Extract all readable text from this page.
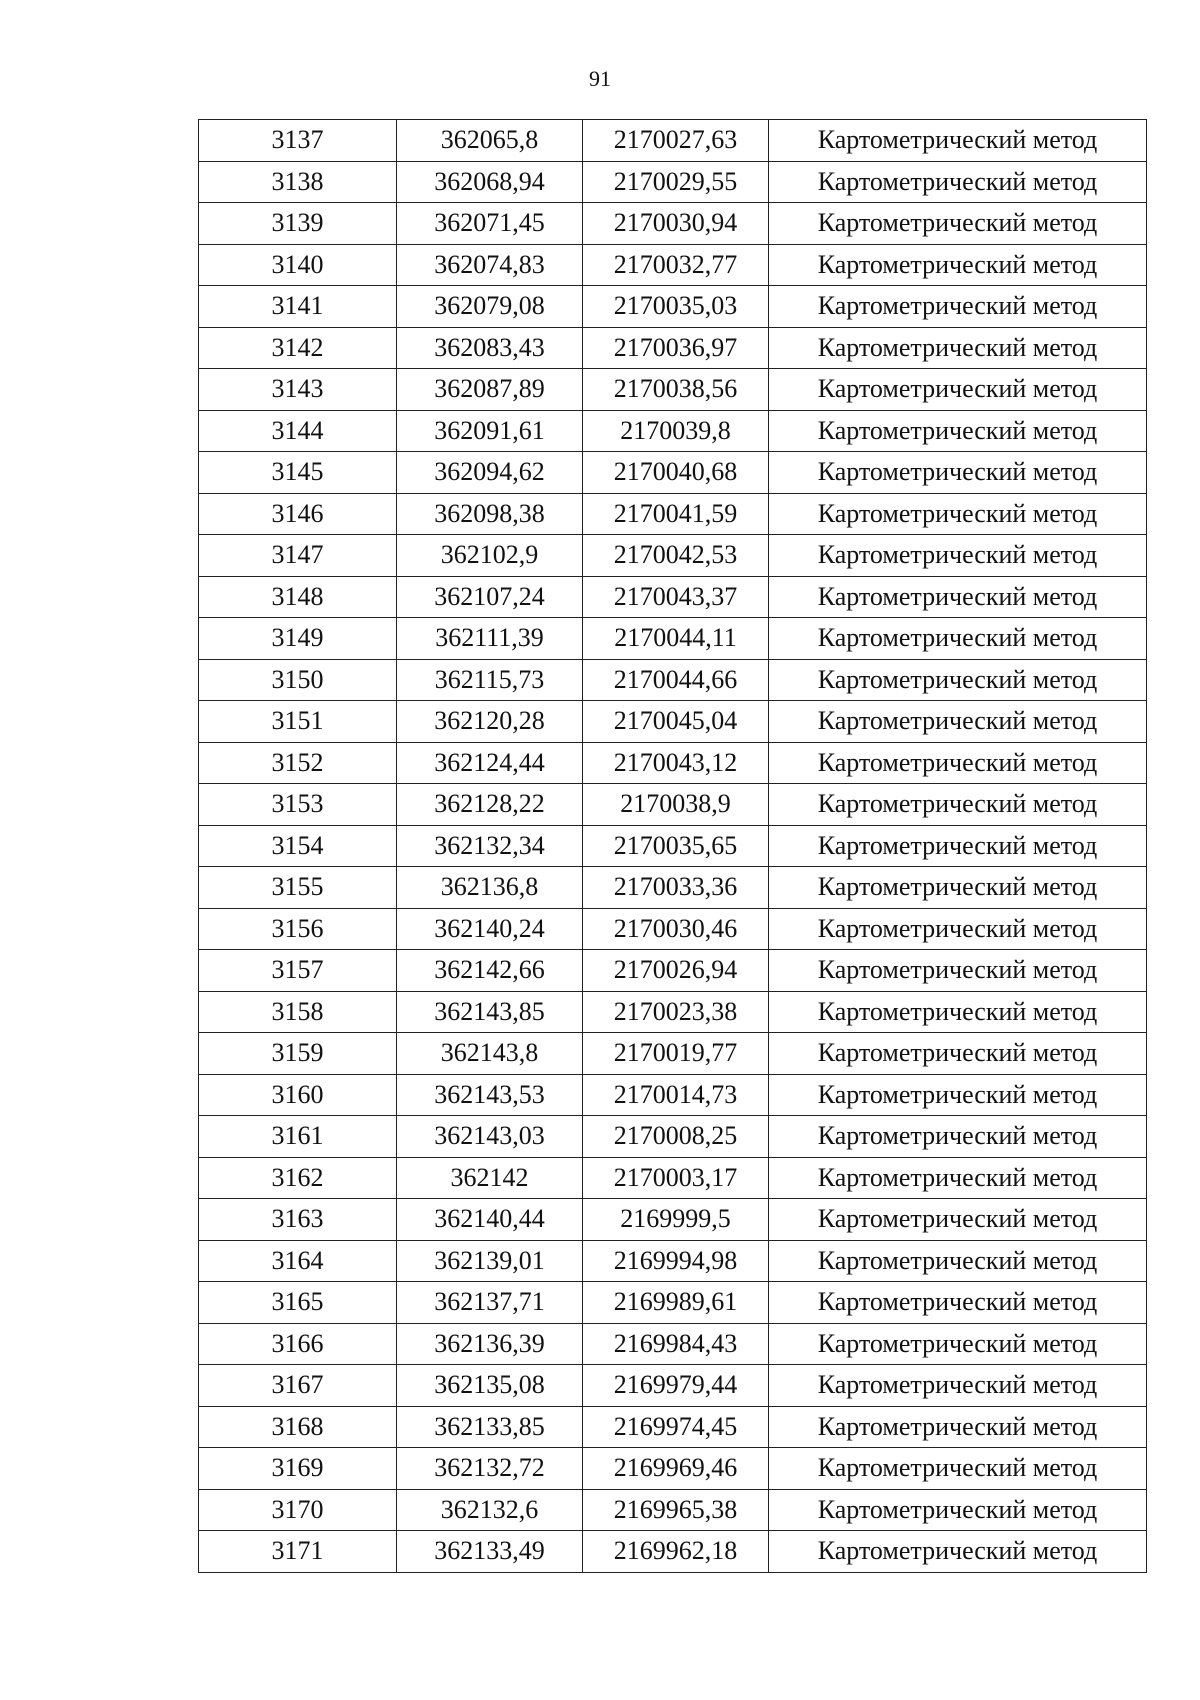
91
3137	362065,8	2170027,63	Картометрический метод
3138	362068,94	2170029,55	Картометрический метод
3139	362071,45	2170030,94	Картометрический метод
3140	362074,83	2170032,77	Картометрический метод
3141	362079,08	2170035,03	Картометрический метод
3142	362083,43	2170036,97	Картометрический метод
3143	362087,89	2170038,56	Картометрический метод
3144	362091,61	2170039,8	Картометрический метод
3145	362094,62	2170040,68	Картометрический метод
3146	362098,38	2170041,59	Картометрический метод
3147	362102,9	2170042,53	Картометрический метод
3148	362107,24	2170043,37	Картометрический метод
3149	362111,39	2170044,11	Картометрический метод
3150	362115,73	2170044,66	Картометрический метод
3151	362120,28	2170045,04	Картометрический метод
3152	362124,44	2170043,12	Картометрический метод
3153	362128,22	2170038,9	Картометрический метод
3154	362132,34	2170035,65	Картометрический метод
3155	362136,8	2170033,36	Картометрический метод
3156	362140,24	2170030,46	Картометрический метод
3157	362142,66	2170026,94	Картометрический метод
3158	362143,85	2170023,38	Картометрический метод
3159	362143,8	2170019,77	Картометрический метод
3160	362143,53	2170014,73	Картометрический метод
3161	362143,03	2170008,25	Картометрический метод
3162	362142	2170003,17	Картометрический метод
3163	362140,44	2169999,5	Картометрический метод
3164	362139,01	2169994,98	Картометрический метод
3165	362137,71	2169989,61	Картометрический метод
3166	362136,39	2169984,43	Картометрический метод
3167	362135,08	2169979,44	Картометрический метод
3168	362133,85	2169974,45	Картометрический метод
3169	362132,72	2169969,46	Картометрический метод
3170	362132,6	2169965,38	Картометрический метод
3171	362133,49	2169962,18	Картометрический метод
